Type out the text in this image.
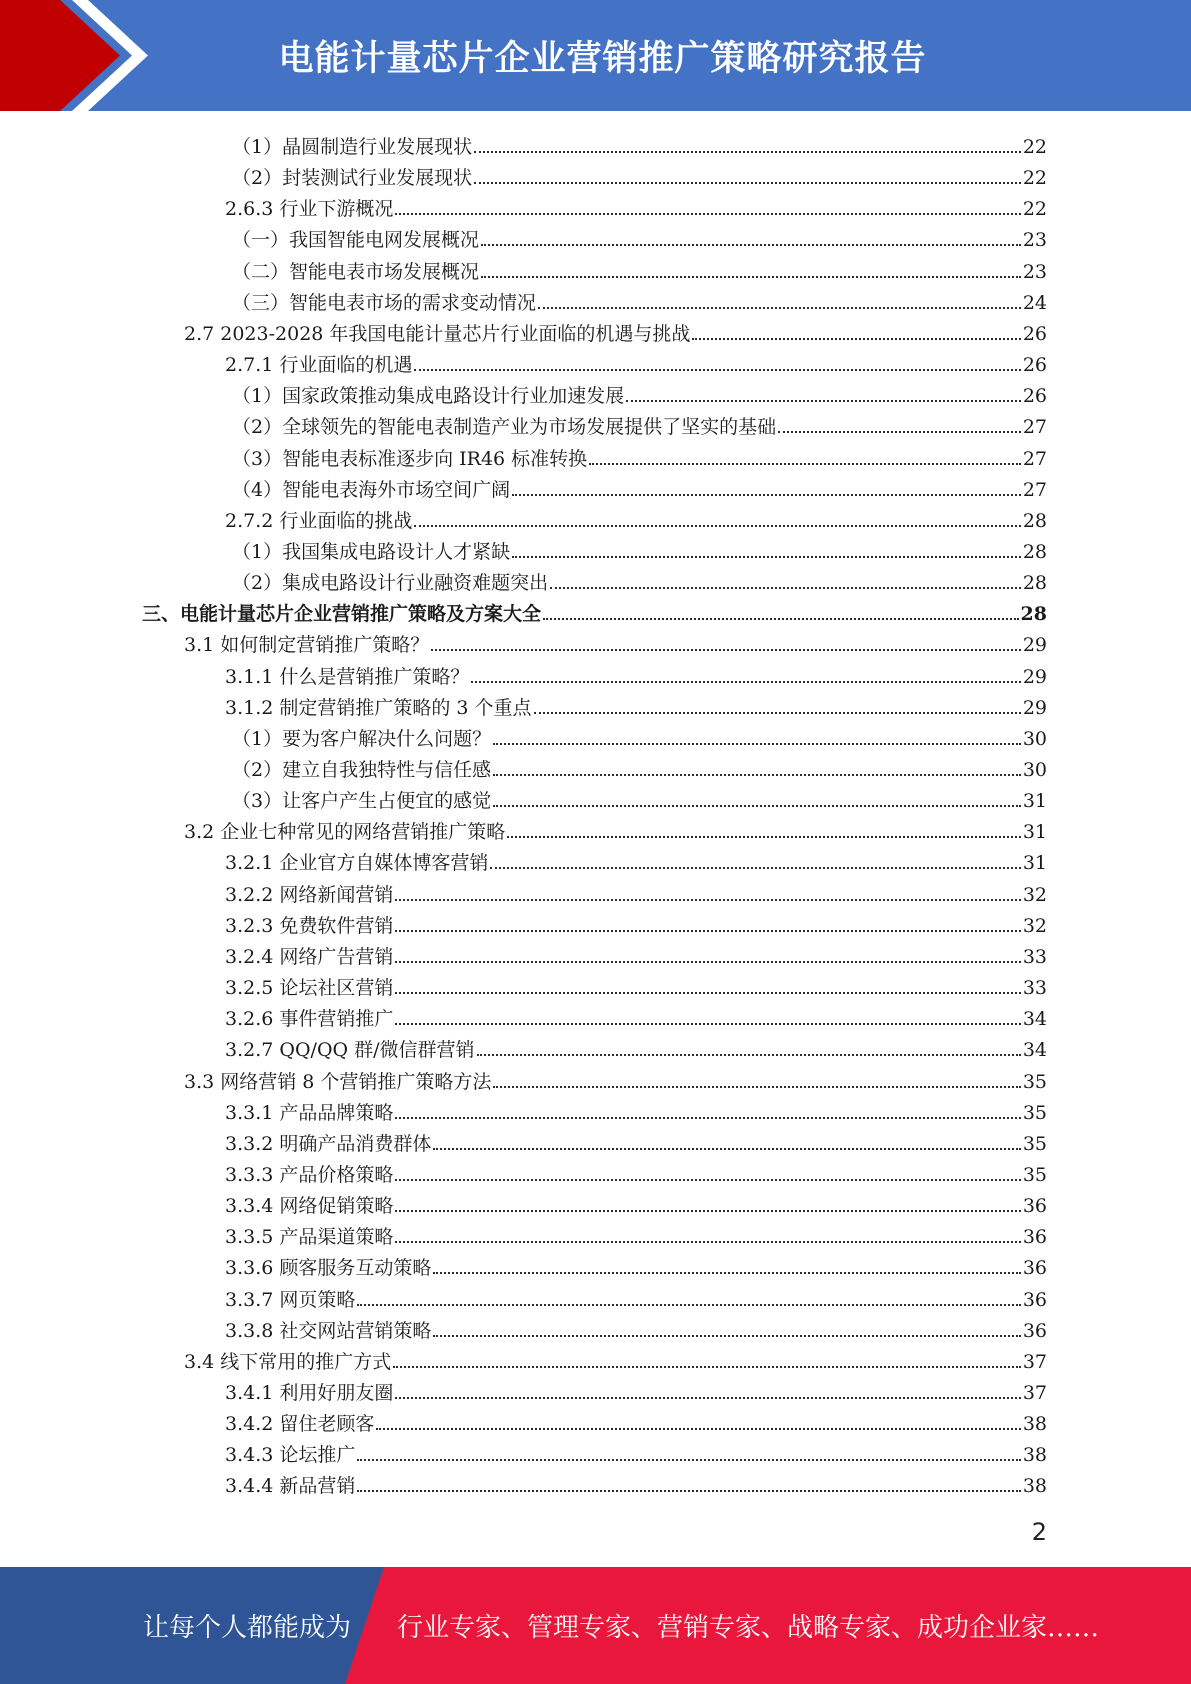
电能计量芯片企业营销推广策略研究报告
（1）晶圆制造行业发展现状	22
（2）封装测试行业发展现状	22
2.6.3 行业下游概况	22
（一）我国智能电网发展概况	23
（二）智能电表市场发展概况	23
（三）智能电表市场的需求变动情况	24
2.7 2023-2028 年我国电能计量芯片行业面临的机遇与挑战	26
2.7.1 行业面临的机遇	26
（1）国家政策推动集成电路设计行业加速发展	26
（2）全球领先的智能电表制造产业为市场发展提供了坚实的基础	27
（3）智能电表标准逐步向 IR46 标准转换	27
（4）智能电表海外市场空间广阔	27
2.7.2 行业面临的挑战	28
（1）我国集成电路设计人才紧缺	28
（2）集成电路设计行业融资难题突出	28
三、电能计量芯片企业营销推广策略及方案大全	28
3.1 如何制定营销推广策略？	29
3.1.1 什么是营销推广策略？	29
3.1.2 制定营销推广策略的 3 个重点	29
（1）要为客户解决什么问题？	30
（2）建立自我独特性与信任感	30
（3）让客户产生占便宜的感觉	31
3.2 企业七种常见的网络营销推广策略	31
3.2.1 企业官方自媒体博客营销	31
3.2.2 网络新闻营销	32
3.2.3 免费软件营销	32
3.2.4 网络广告营销	33
3.2.5 论坛社区营销	33
3.2.6 事件营销推广	34
3.2.7 QQ/QQ 群/微信群营销	34
3.3 网络营销 8 个营销推广策略方法	35
3.3.1 产品品牌策略	35
3.3.2 明确产品消费群体	35
3.3.3 产品价格策略	35
3.3.4 网络促销策略	36
3.3.5 产品渠道策略	36
3.3.6 顾客服务互动策略	36
3.3.7 网页策略	36
3.3.8 社交网站营销策略	36
3.4 线下常用的推广方式	37
3.4.1 利用好朋友圈	37
3.4.2 留住老顾客	38
3.4.3 论坛推广	38
3.4.4 新品营销	38
2
让每个人都能成为 行业专家、管理专家、营销专家、战略专家、成功企业家……
